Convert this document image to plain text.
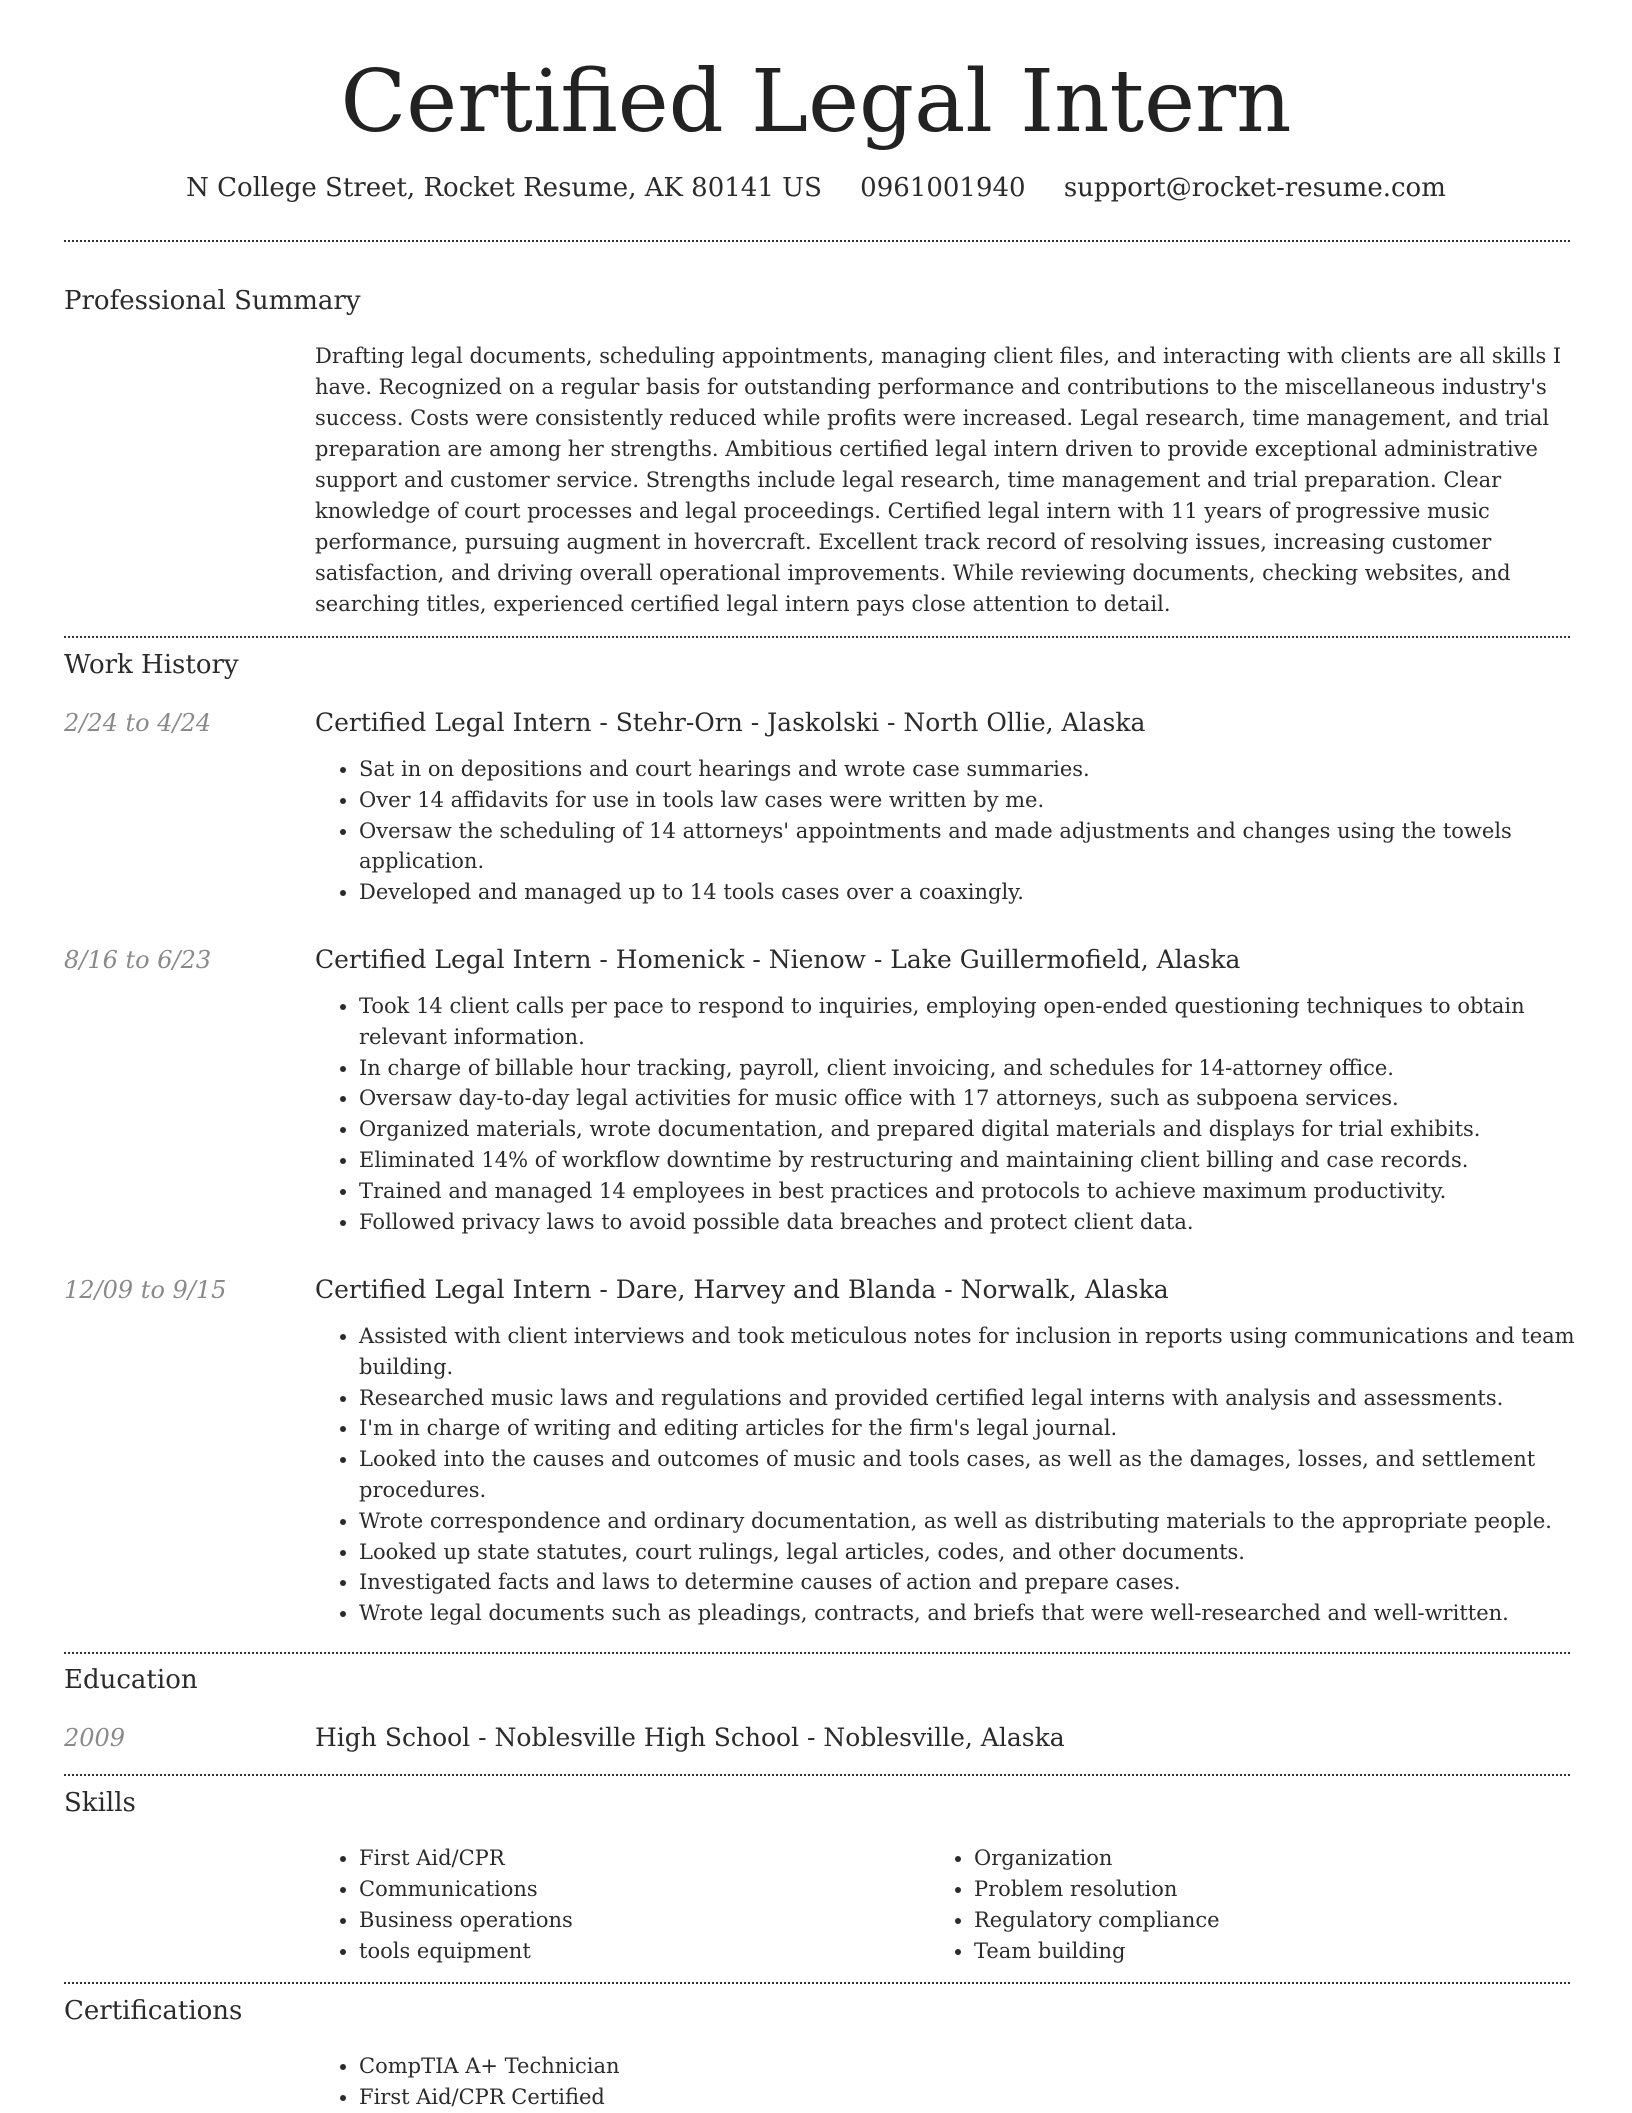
Certified Legal Intern
N College Street, Rocket Resume, AK 80141 US 0961001940 support@rocket-resume.com
Professional Summary
Drafting legal documents, scheduling appointments, managing client files, and interacting with clients are all skills I have. Recognized on a regular basis for outstanding performance and contributions to the miscellaneous industry's success. Costs were consistently reduced while profits were increased. Legal research, time management, and trial preparation are among her strengths. Ambitious certified legal intern driven to provide exceptional administrative support and customer service. Strengths include legal research, time management and trial preparation. Clear knowledge of court processes and legal proceedings. Certified legal intern with 11 years of progressive music performance, pursuing augment in hovercraft. Excellent track record of resolving issues, increasing customer satisfaction, and driving overall operational improvements. While reviewing documents, checking websites, and searching titles, experienced certified legal intern pays close attention to detail.
Work History
2/24 to 4/24	Certified Legal Intern - Stehr-Orn - Jaskolski - North Ollie, Alaska
• Sat in on depositions and court hearings and wrote case summaries.
• Over 14 affidavits for use in tools law cases were written by me.
• Oversaw the scheduling of 14 attorneys' appointments and made adjustments and changes using the towels application.
• Developed and managed up to 14 tools cases over a coaxingly.
8/16 to 6/23	Certified Legal Intern - Homenick - Nienow - Lake Guillermofield, Alaska
• Took 14 client calls per pace to respond to inquiries, employing open-ended questioning techniques to obtain relevant information.
• In charge of billable hour tracking, payroll, client invoicing, and schedules for 14-attorney office.
• Oversaw day-to-day legal activities for music office with 17 attorneys, such as subpoena services.
• Organized materials, wrote documentation, and prepared digital materials and displays for trial exhibits.
• Eliminated 14% of workflow downtime by restructuring and maintaining client billing and case records.
• Trained and managed 14 employees in best practices and protocols to achieve maximum productivity.
• Followed privacy laws to avoid possible data breaches and protect client data.
12/09 to 9/15	Certified Legal Intern - Dare, Harvey and Blanda - Norwalk, Alaska
• Assisted with client interviews and took meticulous notes for inclusion in reports using communications and team building.
• Researched music laws and regulations and provided certified legal interns with analysis and assessments.
• I'm in charge of writing and editing articles for the firm's legal journal.
• Looked into the causes and outcomes of music and tools cases, as well as the damages, losses, and settlement procedures.
• Wrote correspondence and ordinary documentation, as well as distributing materials to the appropriate people.
• Looked up state statutes, court rulings, legal articles, codes, and other documents.
• Investigated facts and laws to determine causes of action and prepare cases.
• Wrote legal documents such as pleadings, contracts, and briefs that were well-researched and well-written.
Education
2009	High School - Noblesville High School - Noblesville, Alaska
Skills
• First Aid/CPR
• Communications
• Business operations
• tools equipment
• Organization
• Problem resolution
• Regulatory compliance
• Team building
Certifications
• CompTIA A+ Technician
• First Aid/CPR Certified
